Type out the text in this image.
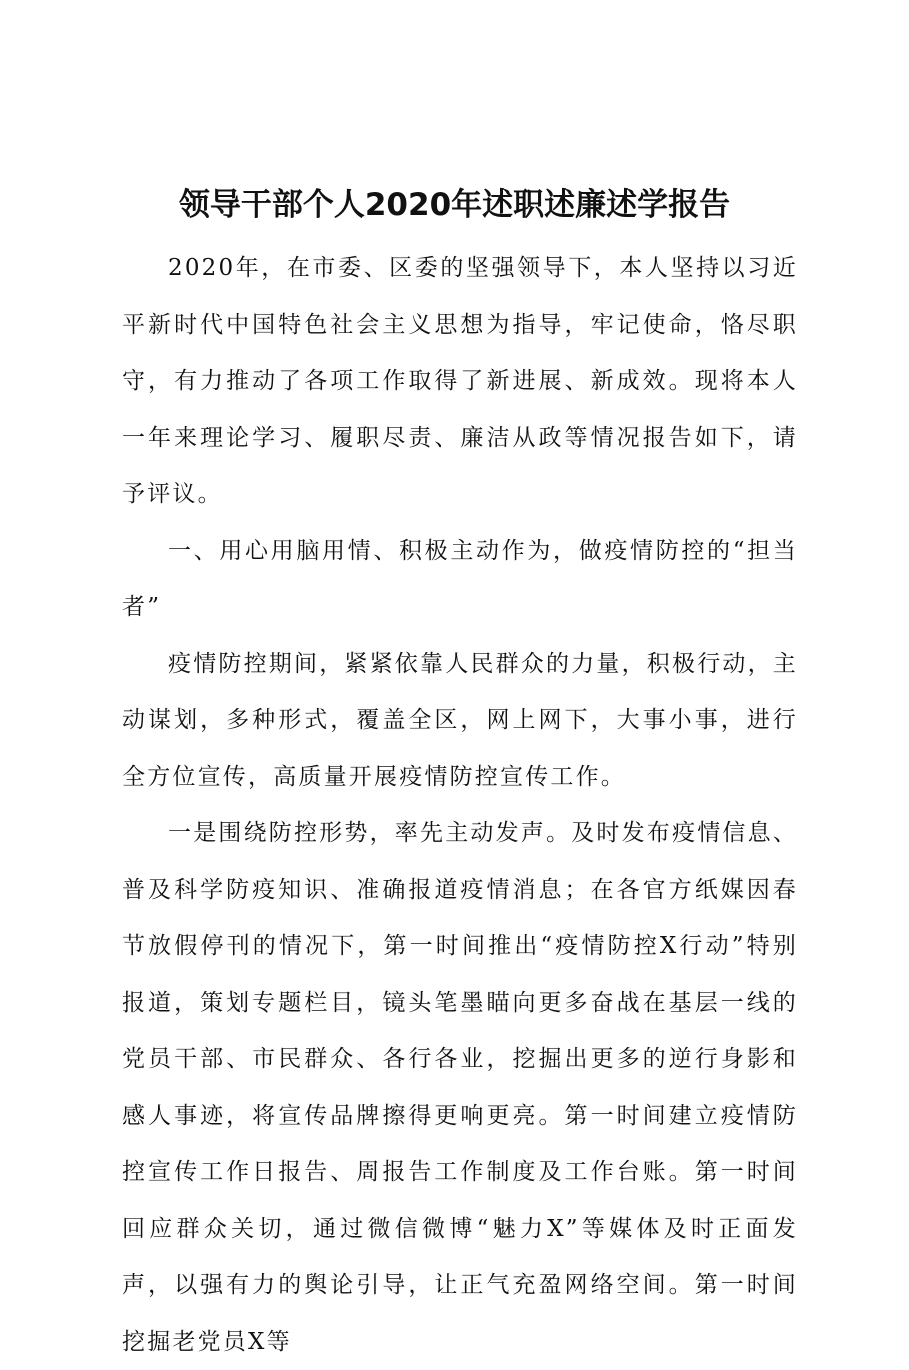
领导干部个人2020年述职述廉述学报告

2020年，在市委、区委的坚强领导下，本人坚持以习近平新时代中国特色社会主义思想为指导，牢记使命，恪尽职守，有力推动了各项工作取得了新进展、新成效。现将本人一年来理论学习、履职尽责、廉洁从政等情况报告如下，请予评议。

一、用心用脑用情、积极主动作为，做疫情防控的“担当者”

疫情防控期间，紧紧依靠人民群众的力量，积极行动，主动谋划，多种形式，覆盖全区，网上网下，大事小事，进行全方位宣传，高质量开展疫情防控宣传工作。

一是围绕防控形势，率先主动发声。及时发布疫情信息、普及科学防疫知识、准确报道疫情消息；在各官方纸媒因春节放假停刊的情况下，第一时间推出“疫情防控X行动”特别报道，策划专题栏目，镜头笔墨瞄向更多奋战在基层一线的党员干部、市民群众、各行各业，挖掘出更多的逆行身影和感人事迹，将宣传品牌擦得更响更亮。第一时间建立疫情防控宣传工作日报告、周报告工作制度及工作台账。第一时间回应群众关切，通过微信微博“魅力X”等媒体及时正面发声，以强有力的舆论引导，让正气充盈网络空间。第一时间挖掘老党员X等
